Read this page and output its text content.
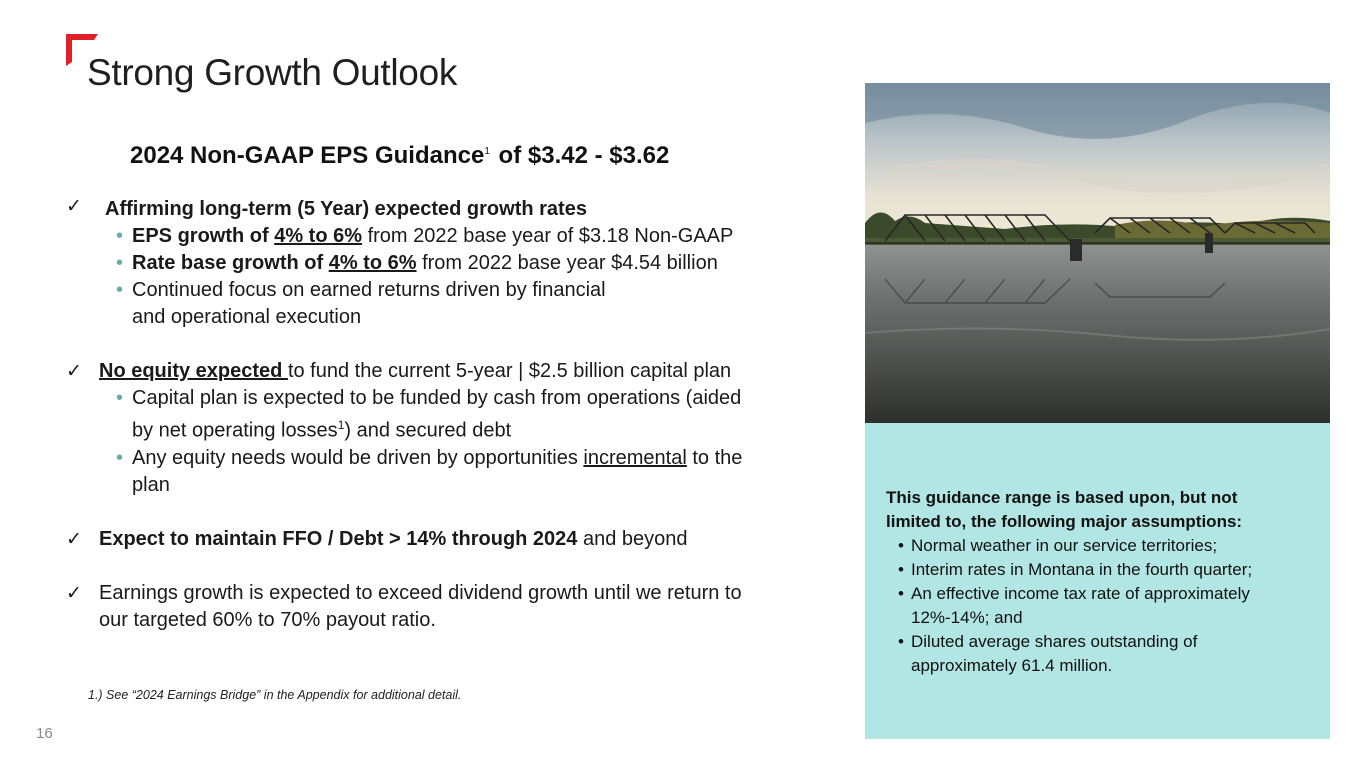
Strong Growth Outlook
2024 Non-GAAP EPS Guidance$^1$ of $3.42 - $3.62
✓ Affirming long-term (5 Year) expected growth rates
• EPS growth of 4% to 6% from 2022 base year of $3.18 Non-GAAP
• Rate base growth of 4% to 6% from 2022 base year $4.54 billion
• Continued focus on earned returns driven by financial
and operational execution
✓ No equity expected to fund the current 5-year | $2.5 billion capital plan
• Capital plan is expected to be funded by cash from operations (aided
by net operating losses$^1$) and secured debt
• Any equity needs would be driven by opportunities incremental to the
plan
✓ Expect to maintain FFO / Debt > 14% through 2024 and beyond
✓ Earnings growth is expected to exceed dividend growth until we return to
our targeted 60% to 70% payout ratio.
1.) See “2024 Earnings Bridge” in the Appendix for additional detail.
16
This guidance range is based upon, but not
limited to, the following major assumptions:
• Normal weather in our service territories;
• Interim rates in Montana in the fourth quarter;
• An effective income tax rate of approximately
12%-14%; and
• Diluted average shares outstanding of
approximately 61.4 million.
